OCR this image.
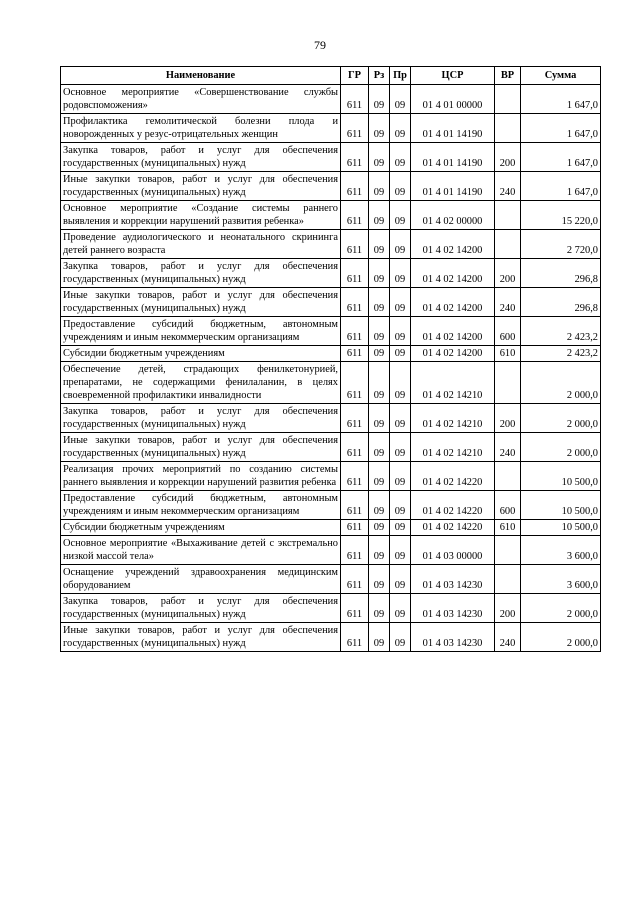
79
Наименование	ГР	Рз	Пр	ЦСР	ВР	Сумма
Основное мероприятие «Совершенствование службы родовспоможения»	611	09	09	01 4 01 00000		1 647,0
Профилактика гемолитической болезни плода и новорожденных у резус-отрицательных женщин	611	09	09	01 4 01 14190		1 647,0
Закупка товаров, работ и услуг для обеспечения государственных (муниципальных) нужд	611	09	09	01 4 01 14190	200	1 647,0
Иные закупки товаров, работ и услуг для обеспечения государственных (муниципальных) нужд	611	09	09	01 4 01 14190	240	1 647,0
Основное мероприятие «Создание системы раннего выявления и коррекции нарушений развития ребенка»	611	09	09	01 4 02 00000		15 220,0
Проведение аудиологического и неонатального скрининга детей раннего возраста	611	09	09	01 4 02 14200		2 720,0
Закупка товаров, работ и услуг для обеспечения государственных (муниципальных) нужд	611	09	09	01 4 02 14200	200	296,8
Иные закупки товаров, работ и услуг для обеспечения государственных (муниципальных) нужд	611	09	09	01 4 02 14200	240	296,8
Предоставление субсидий бюджетным, автономным учреждениям и иным некоммерческим организациям	611	09	09	01 4 02 14200	600	2 423,2
Субсидии бюджетным учреждениям	611	09	09	01 4 02 14200	610	2 423,2
Обеспечение детей, страдающих фенилкетонурией, препаратами, не содержащими фенилаланин, в целях своевременной профилактики инвалидности	611	09	09	01 4 02 14210		2 000,0
Закупка товаров, работ и услуг для обеспечения государственных (муниципальных) нужд	611	09	09	01 4 02 14210	200	2 000,0
Иные закупки товаров, работ и услуг для обеспечения государственных (муниципальных) нужд	611	09	09	01 4 02 14210	240	2 000,0
Реализация прочих мероприятий по созданию системы раннего выявления и коррекции нарушений развития ребенка	611	09	09	01 4 02 14220		10 500,0
Предоставление субсидий бюджетным, автономным учреждениям и иным некоммерческим организациям	611	09	09	01 4 02 14220	600	10 500,0
Субсидии бюджетным учреждениям	611	09	09	01 4 02 14220	610	10 500,0
Основное мероприятие «Выхаживание детей с экстремально низкой массой тела»	611	09	09	01 4 03 00000		3 600,0
Оснащение учреждений здравоохранения медицинским оборудованием	611	09	09	01 4 03 14230		3 600,0
Закупка товаров, работ и услуг для обеспечения государственных (муниципальных) нужд	611	09	09	01 4 03 14230	200	2 000,0
Иные закупки товаров, работ и услуг для обеспечения государственных (муниципальных) нужд	611	09	09	01 4 03 14230	240	2 000,0
